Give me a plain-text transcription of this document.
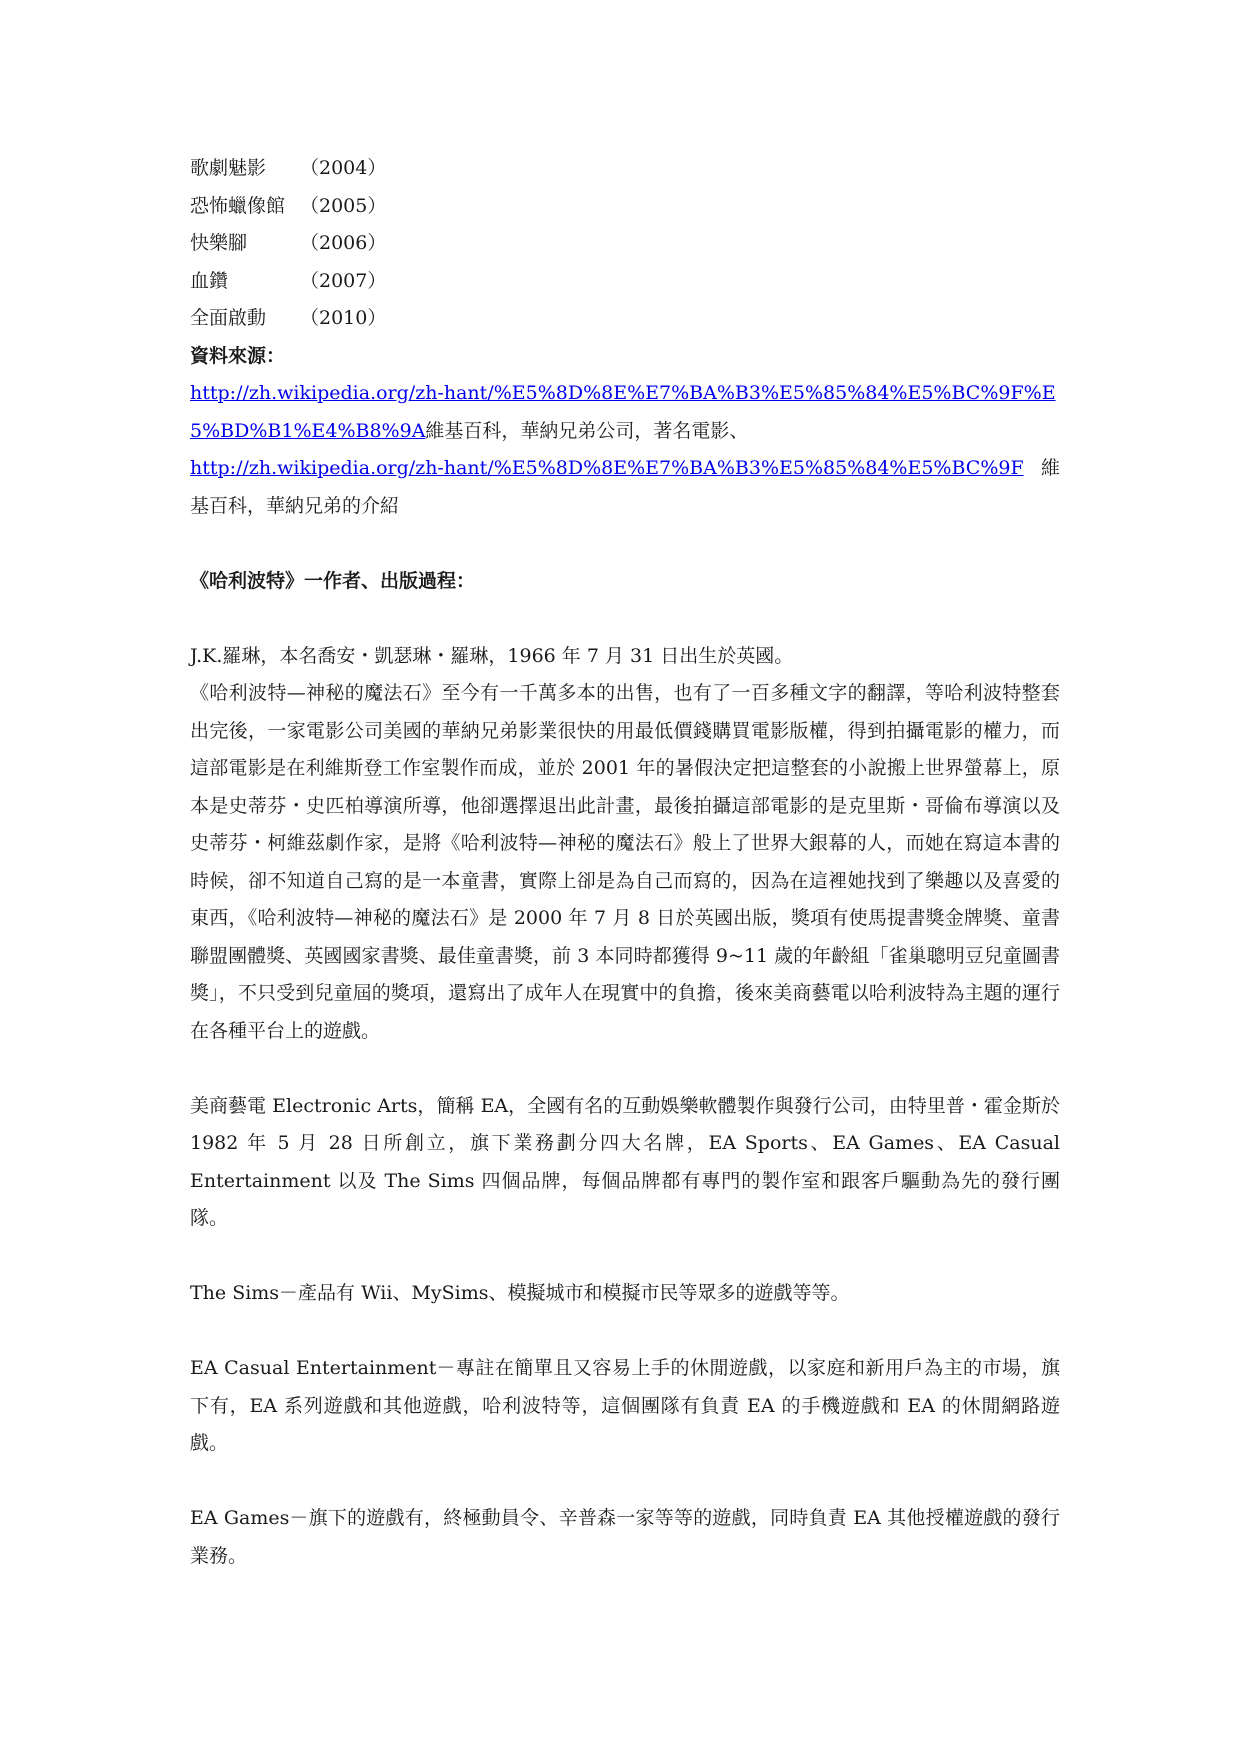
歌劇魅影	（2004）
恐怖蠟像館 （2005）
快樂腳	（2006）
血鑽	（2007）
全面啟動	（2010）
資料來源：

http://zh.wikipedia.org/zh-hant/%E5%8D%8E%E7%BA%B3%E5%85%84%E5%BC%9F%E5%BD%B1%E4%B8%9A維基百科，華納兄弟公司，著名電影、

http://zh.wikipedia.org/zh-hant/%E5%8D%8E%E7%BA%B3%E5%85%84%E5%BC%9F維基百科，華納兄弟的介紹

《哈利波特》一作者、出版過程：

J.K.羅琳，本名喬安・凱瑟琳・羅琳，1966 年 7 月 31 日出生於英國。

《哈利波特—神秘的魔法石》至今有一千萬多本的出售，也有了一百多種文字的翻譯，等哈利波特整套出完後，一家電影公司美國的華納兄弟影業很快的用最低價錢購買電影版權，得到拍攝電影的權力，而這部電影是在利維斯登工作室製作而成，並於 2001 年的暑假決定把這整套的小說搬上世界螢幕上，原本是史蒂芬・史匹柏導演所導，他卻選擇退出此計畫，最後拍攝這部電影的是克里斯・哥倫布導演以及史蒂芬・柯維茲劇作家，是將《哈利波特—神秘的魔法石》般上了世界大銀幕的人，而她在寫這本書的時候，卻不知道自己寫的是一本童書，實際上卻是為自己而寫的，因為在這裡她找到了樂趣以及喜愛的東西，《哈利波特—神秘的魔法石》是 2000 年 7 月 8 日於英國出版，獎項有使馬提書獎金牌獎、童書聯盟團體獎、英國國家書獎、最佳童書獎，前 3 本同時都獲得 9~11 歲的年齡組「雀巢聰明豆兒童圖書獎」，不只受到兒童屆的獎項，還寫出了成年人在現實中的負擔，後來美商藝電以哈利波特為主題的運行在各種平台上的遊戲。

美商藝電 Electronic Arts，簡稱 EA，全國有名的互動娛樂軟體製作與發行公司，由特里普・霍金斯於 1982 年 5 月 28 日所創立，旗下業務劃分四大名牌，EA Sports、EA Games、EA Casual Entertainment 以及 The Sims 四個品牌，每個品牌都有專門的製作室和跟客戶驅動為先的發行團隊。

The Sims－產品有 Wii、MySims、模擬城市和模擬市民等眾多的遊戲等等。

EA Casual Entertainment－專註在簡單且又容易上手的休閒遊戲，以家庭和新用戶為主的市場，旗下有，EA 系列遊戲和其他遊戲，哈利波特等，這個團隊有負責 EA 的手機遊戲和 EA 的休閒網路遊戲。

EA Games－旗下的遊戲有，終極動員令、辛普森一家等等的遊戲，同時負責 EA 其他授權遊戲的發行業務。
